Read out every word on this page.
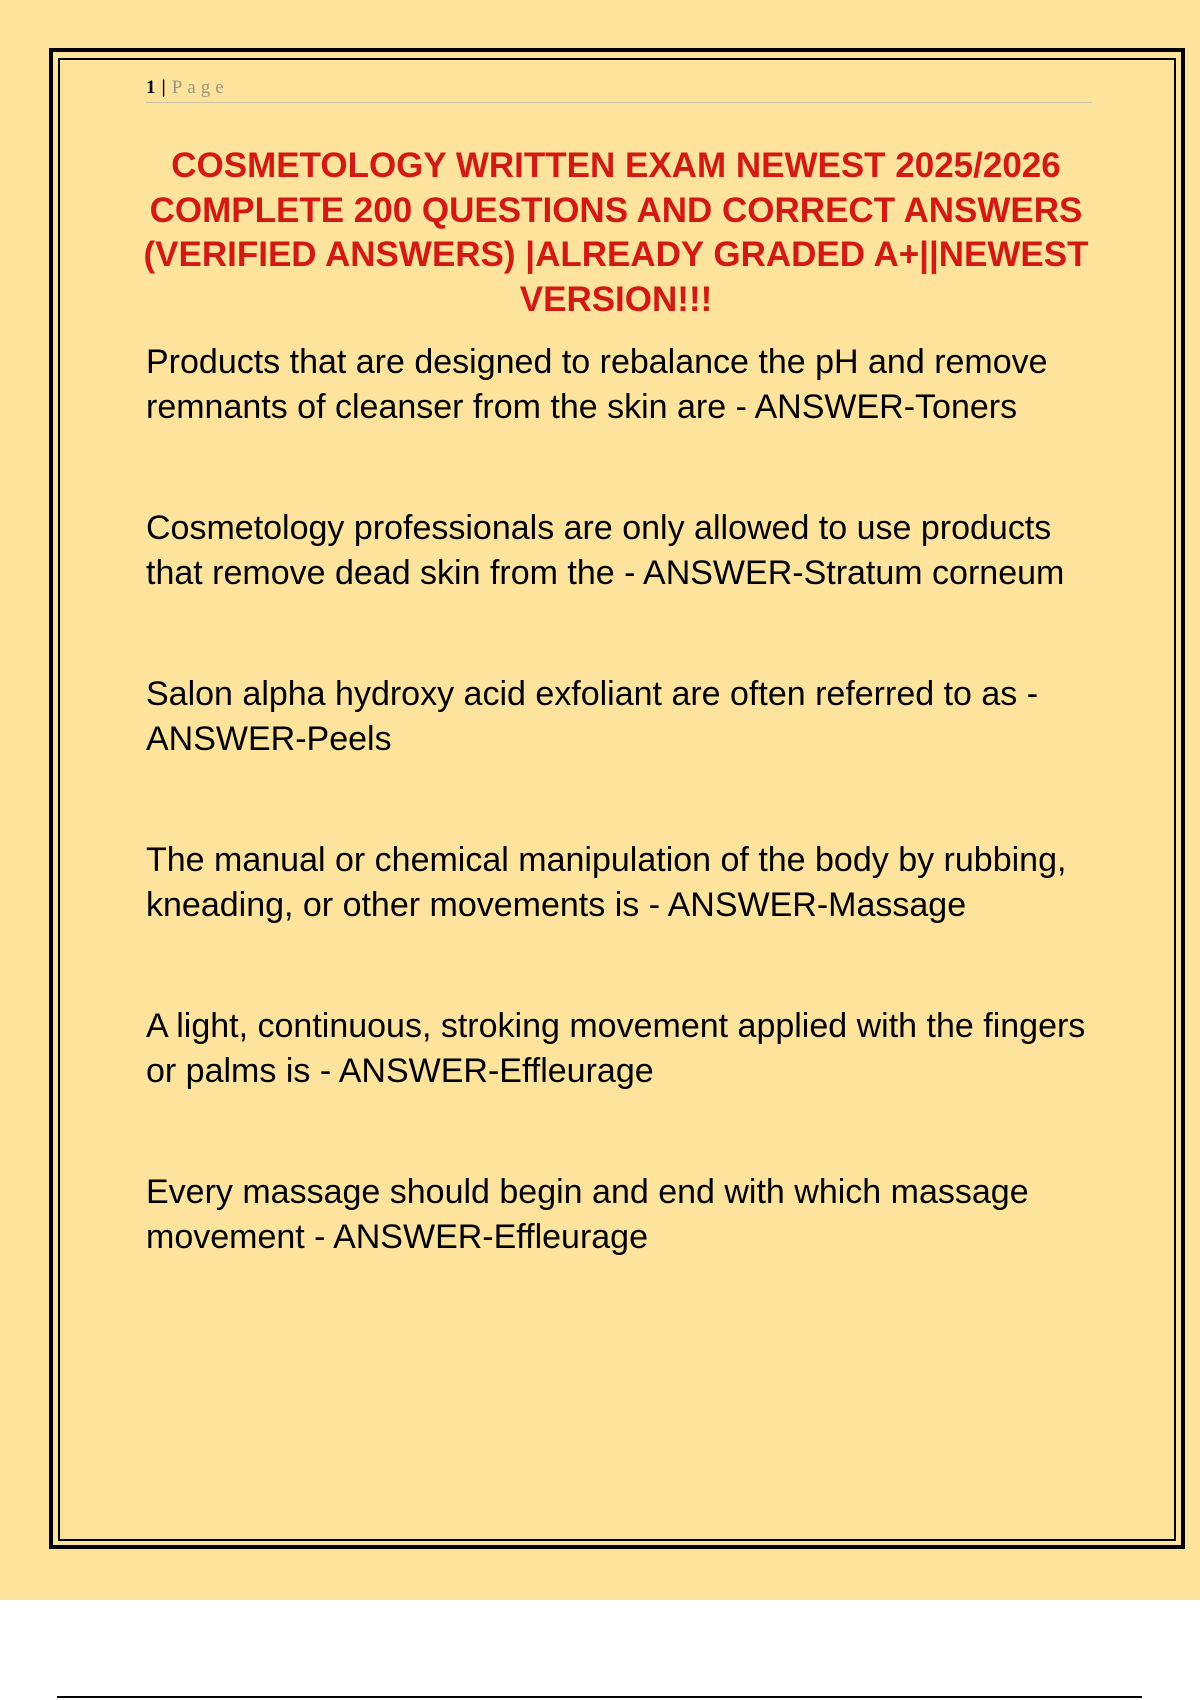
1 | Page
COSMETOLOGY WRITTEN EXAM NEWEST 2025/2026 COMPLETE 200 QUESTIONS AND CORRECT ANSWERS (VERIFIED ANSWERS) |ALREADY GRADED A+||NEWEST VERSION!!!

Products that are designed to rebalance the pH and remove remnants of cleanser from the skin are - ANSWER-Toners

Cosmetology professionals are only allowed to use products that remove dead skin from the - ANSWER-Stratum corneum

Salon alpha hydroxy acid exfoliant are often referred to as - ANSWER-Peels

The manual or chemical manipulation of the body by rubbing, kneading, or other movements is - ANSWER-Massage

A light, continuous, stroking movement applied with the fingers or palms is - ANSWER-Effleurage

Every massage should begin and end with which massage movement - ANSWER-Effleurage
